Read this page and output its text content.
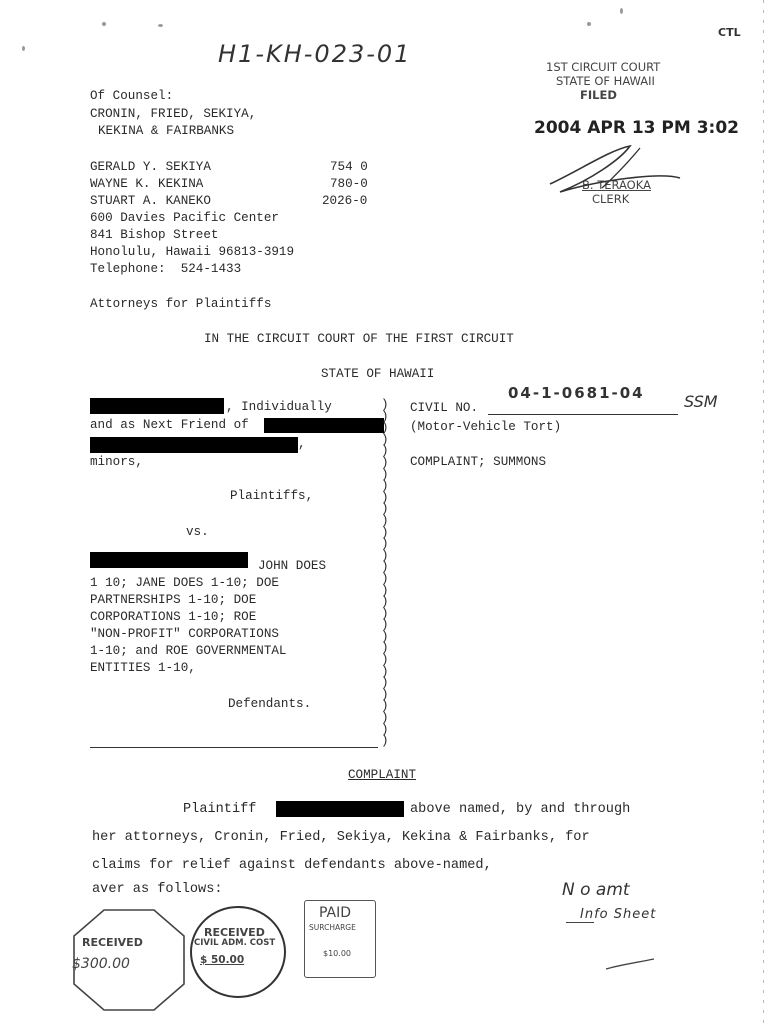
H1-KH-023-01
CTL
1ST CIRCUIT COURT
STATE OF HAWAII
FILED
2004 APR 13 PM 3:02
B. TERAOKA
CLERK
Of Counsel:
CRONIN, FRIED, SEKIYA,
KEKINA & FAIRBANKS
GERALD Y. SEKIYA	754 0
WAYNE K. KEKINA	780-0
STUART A. KANEKO	2026-0
600 Davies Pacific Center
841 Bishop Street
Honolulu, Hawaii 96813-3919
Telephone:  524-1433
Attorneys for Plaintiffs
IN THE CIRCUIT COURT OF THE FIRST CIRCUIT
STATE OF HAWAII
, Individually
and as Next Friend of
,
minors,
Plaintiffs,
vs.
JOHN DOES
1 10; JANE DOES 1-10; DOE
PARTNERSHIPS 1-10; DOE
CORPORATIONS 1-10; ROE
"NON-PROFIT" CORPORATIONS
1-10; and ROE GOVERNMENTAL
ENTITIES 1-10,
Defendants.
)
)
)
)
)
)
)
)
)
)
)
)
)
)
)
)
)
)
)
)
)
)
)
)
)
)
)
)
)
)
CIVIL NO.
04-1-0681-04 SSM
(Motor-Vehicle Tort)
COMPLAINT; SUMMONS
COMPLAINT
Plaintiff	above named, by and through
her attorneys, Cronin, Fried, Sekiya, Kekina & Fairbanks, for
claims for relief against defendants above-named,
aver as follows:	N o amt
Info Sheet
RECEIVED
$300.00
RECEIVED
CIVIL ADM. COST
$ 50.00
PAID
SURCHARGE
$10.00
